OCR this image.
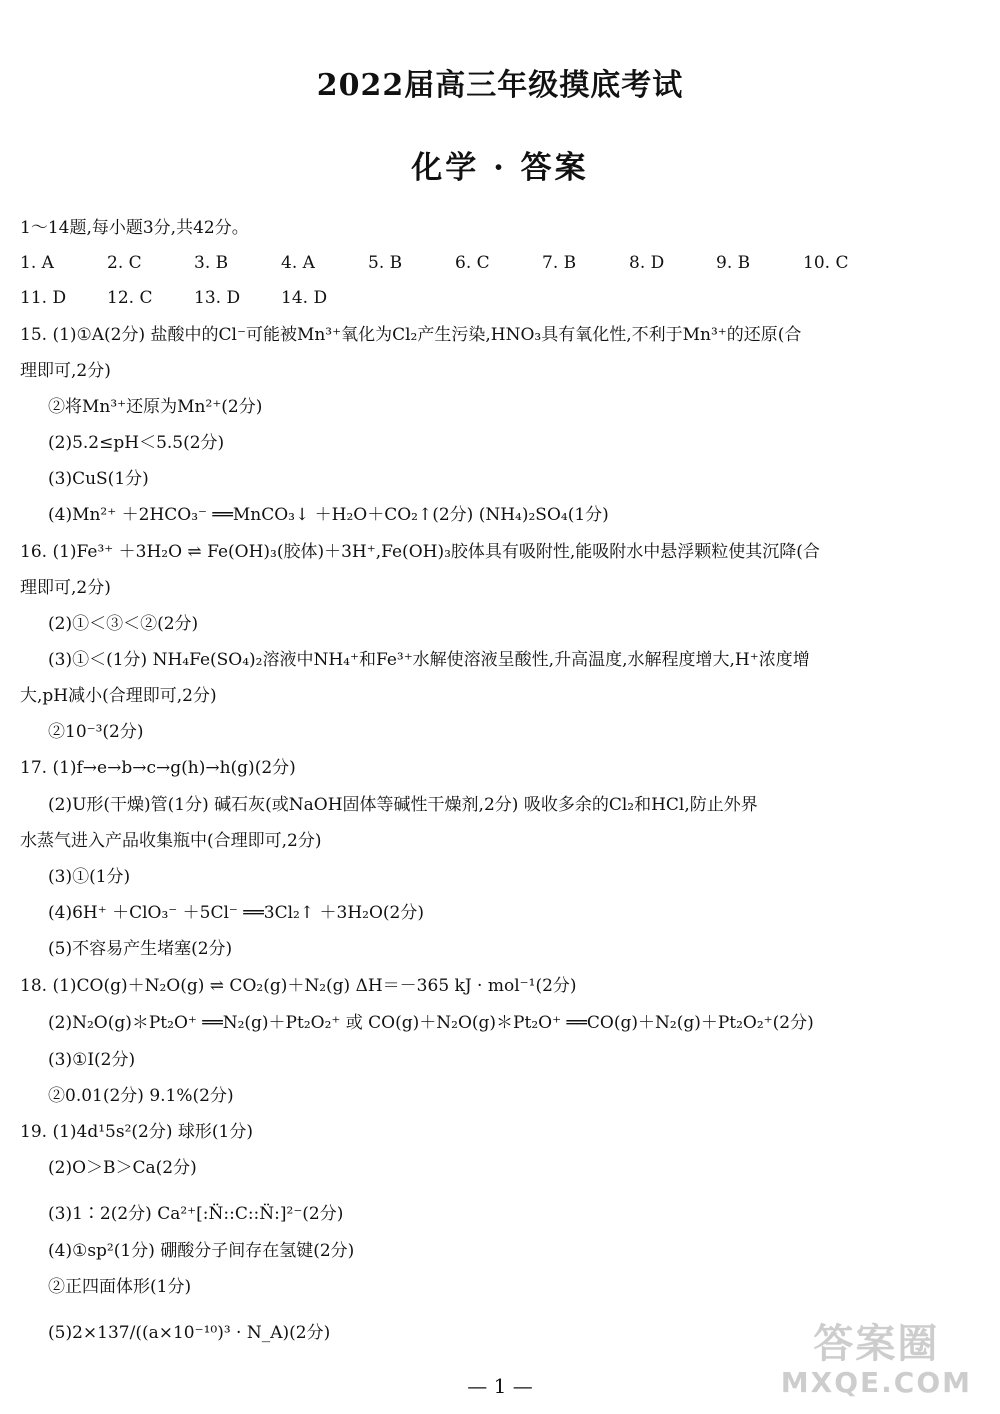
2022届高三年级摸底考试
化学 · 答案
1～14题,每小题3分,共42分。
1. A	2. C	3. B	4. A	5. B	6. C	7. B	8. D	9. B	10. C
11. D 12. C 13. D 14. D
15. (1)①A(2分) 盐酸中的Cl⁻可能被Mn³⁺氧化为Cl₂产生污染,HNO₃具有氧化性,不利于Mn³⁺的还原(合
理即可,2分)
②将Mn³⁺还原为Mn²⁺(2分)
(2)5.2≤pH＜5.5(2分)
(3)CuS(1分)
(4)Mn²⁺ ＋2HCO₃⁻ ══MnCO₃↓ ＋H₂O＋CO₂↑(2分) (NH₄)₂SO₄(1分)
16. (1)Fe³⁺ ＋3H₂O ⇌ Fe(OH)₃(胶体)＋3H⁺,Fe(OH)₃胶体具有吸附性,能吸附水中悬浮颗粒使其沉降(合
理即可,2分)
(2)①＜③＜②(2分)
(3)①＜(1分) NH₄Fe(SO₄)₂溶液中NH₄⁺和Fe³⁺水解使溶液呈酸性,升高温度,水解程度增大,H⁺浓度增
大,pH减小(合理即可,2分)
②10⁻³(2分)
17. (1)f→e→b→c→g(h)→h(g)(2分)
(2)U形(干燥)管(1分) 碱石灰(或NaOH固体等碱性干燥剂,2分) 吸收多余的Cl₂和HCl,防止外界
水蒸气进入产品收集瓶中(合理即可,2分)
(3)①(1分)
(4)6H⁺ ＋ClO₃⁻ ＋5Cl⁻ ══3Cl₂↑ ＋3H₂O(2分)
(5)不容易产生堵塞(2分)
18. (1)CO(g)＋N₂O(g) ⇌ CO₂(g)＋N₂(g) ΔH＝－365 kJ · mol⁻¹(2分)
(2)N₂O(g)＊Pt₂O⁺ ══N₂(g)＋Pt₂O₂⁺ 或 CO(g)＋N₂O(g)＊Pt₂O⁺ ══CO(g)＋N₂(g)＋Pt₂O₂⁺(2分)
(3)①Ⅰ(2分)
②0.01(2分) 9.1%(2分)
19. (1)4d¹5s²(2分) 球形(1分)
(2)O＞B＞Ca(2分)
(3)1∶2(2分) Ca²⁺[:N̈::C::N̈:]²⁻(2分)
(4)①sp²(1分) 硼酸分子间存在氢键(2分)
②正四面体形(1分)
(5)2×137/((a×10⁻¹⁰)³ · N_A)(2分)
— 1 —
答案圈
MXQE.COM
